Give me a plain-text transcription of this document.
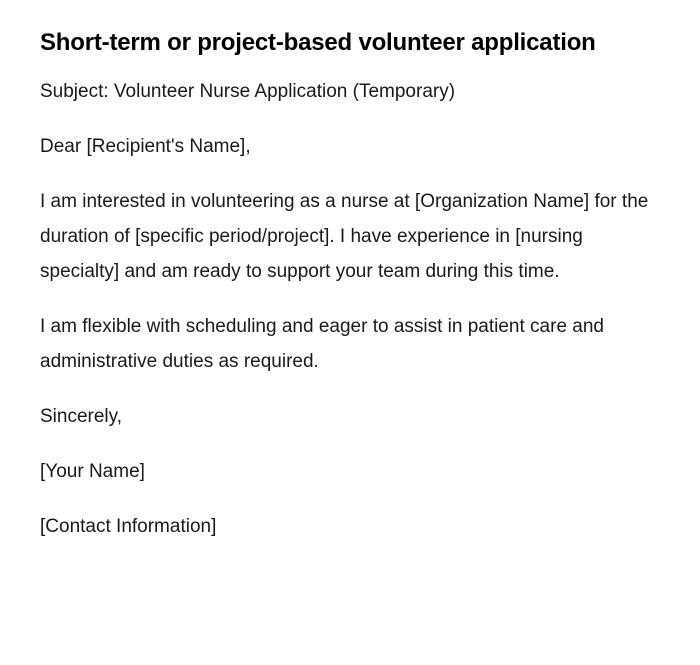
Short-term or project-based volunteer application

Subject: Volunteer Nurse Application (Temporary)

Dear [Recipient's Name],

I am interested in volunteering as a nurse at [Organization Name] for the duration of [specific period/project]. I have experience in [nursing specialty] and am ready to support your team during this time.

I am flexible with scheduling and eager to assist in patient care and administrative duties as required.

Sincerely,

[Your Name]

[Contact Information]
